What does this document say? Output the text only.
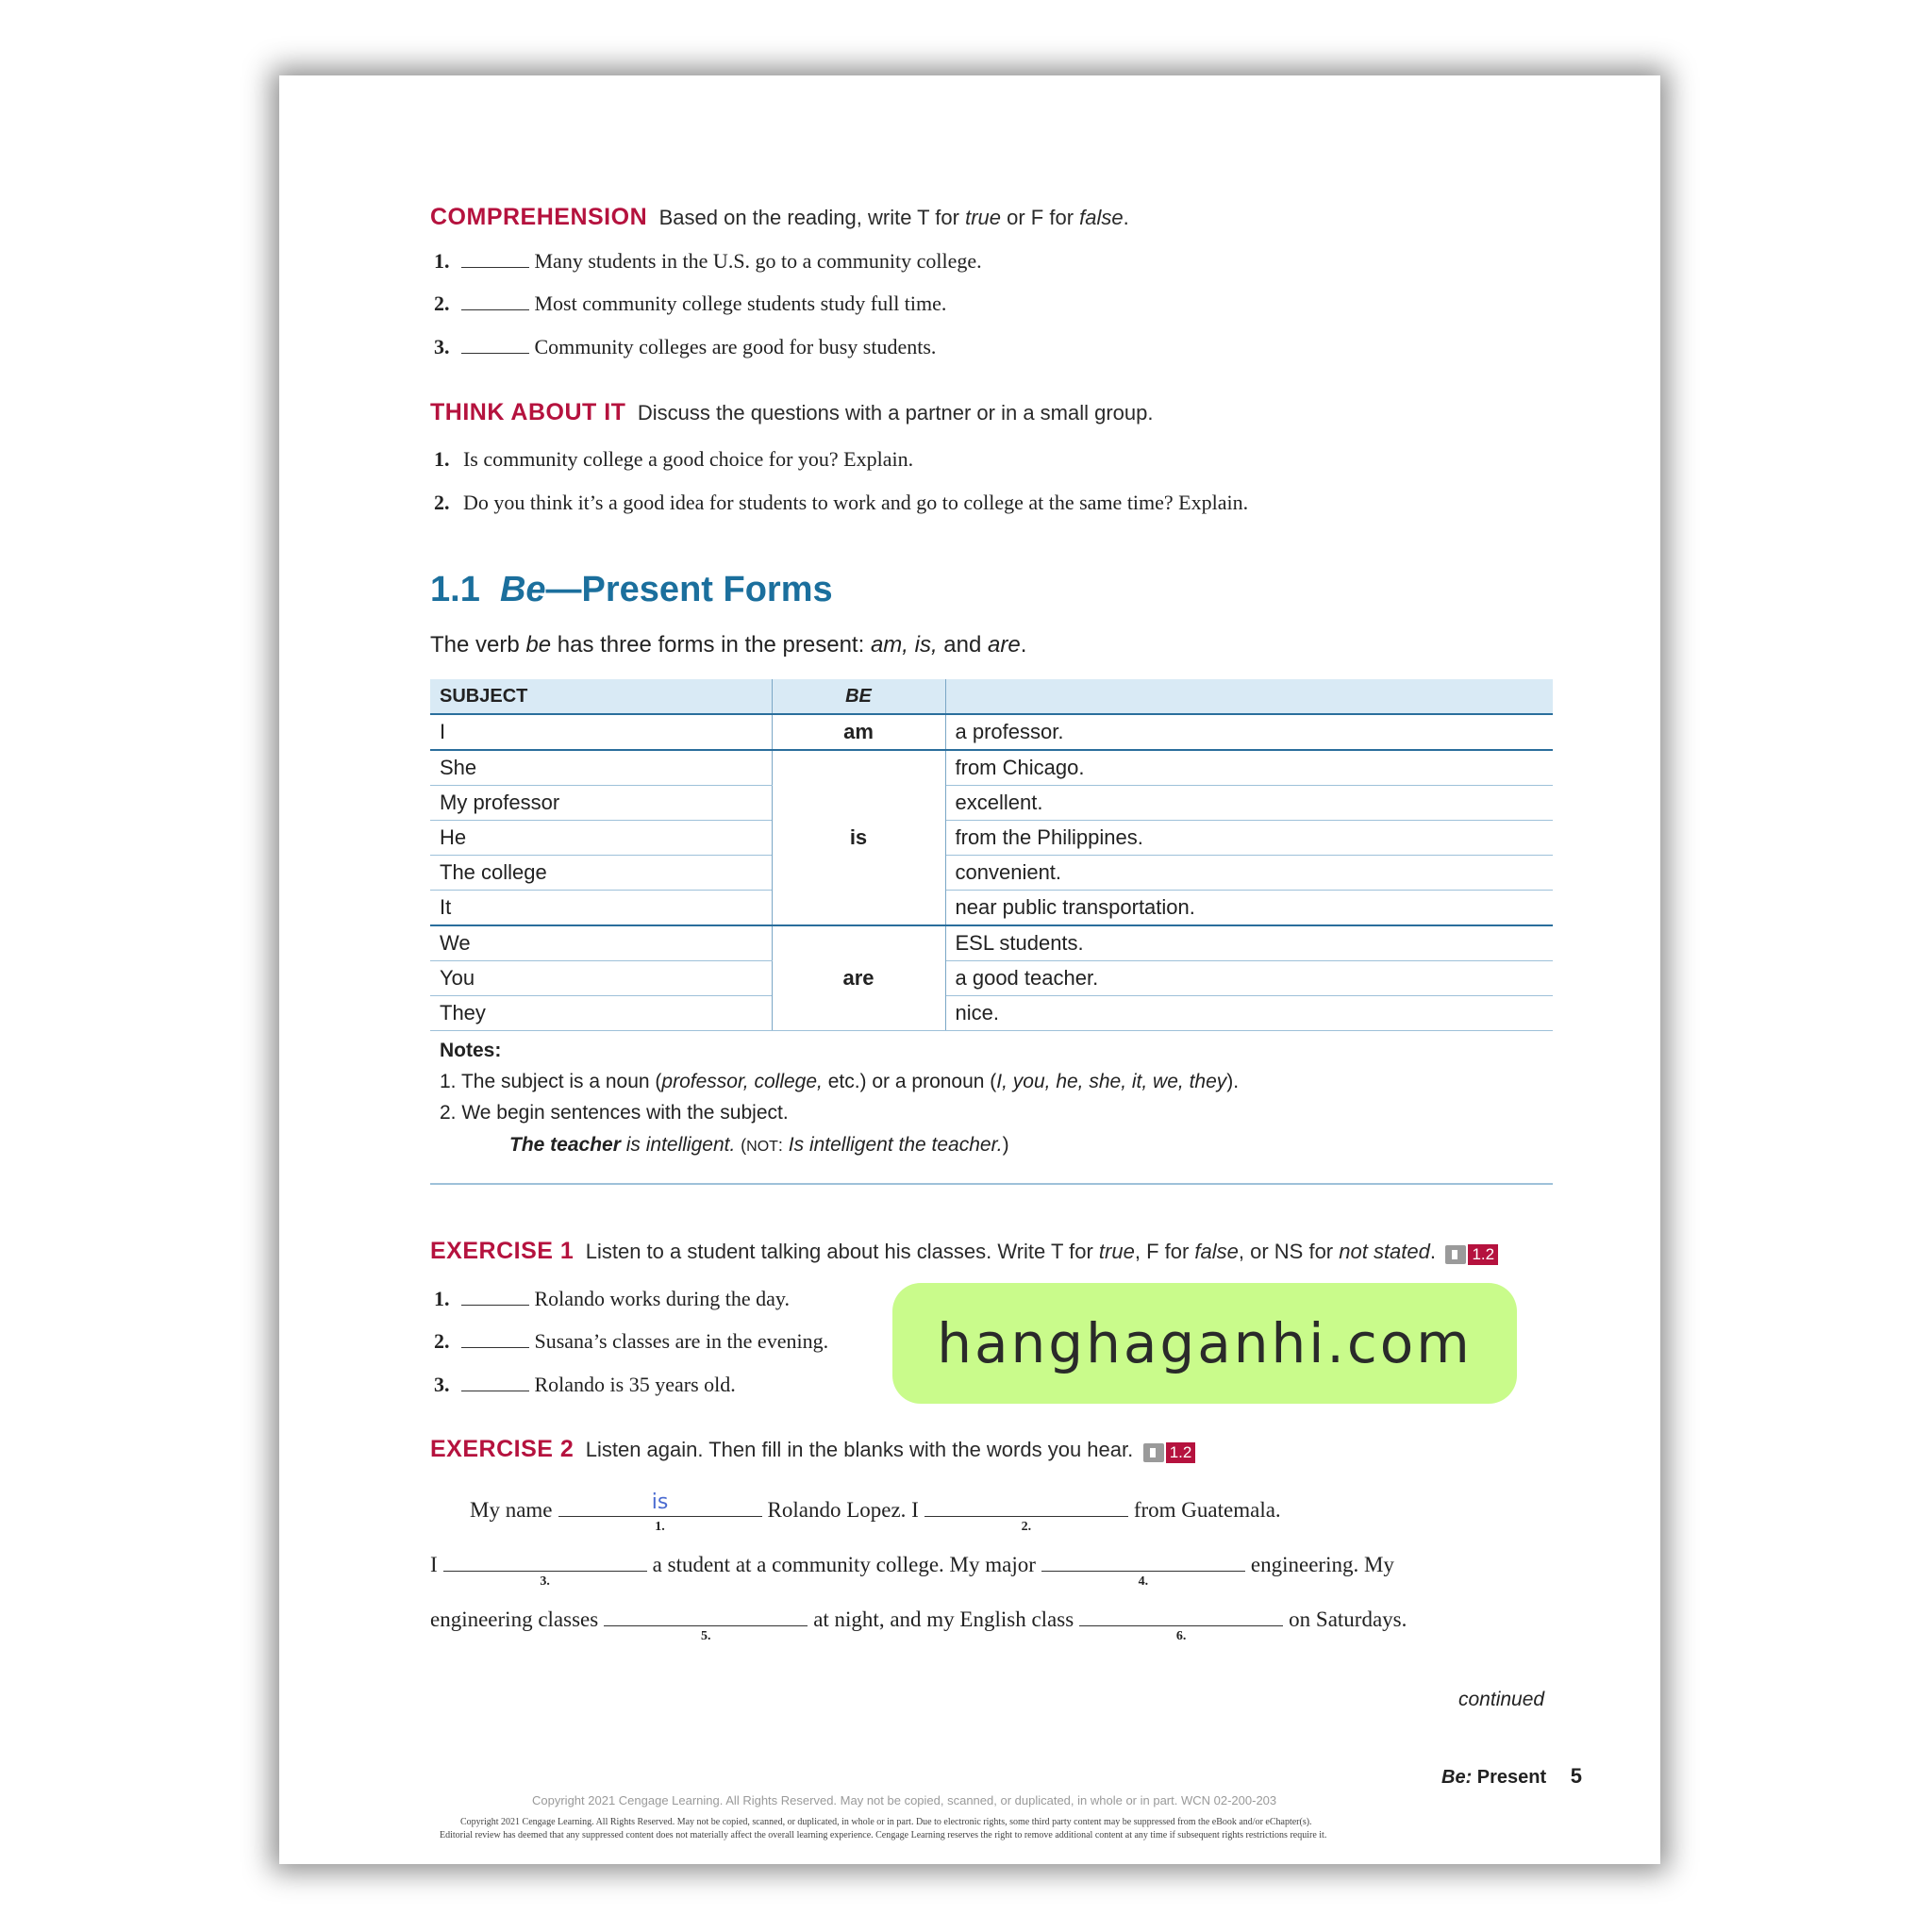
COMPREHENSION Based on the reading, write T for true or F for false.
1.	Many students in the U.S. go to a community college.
2.	Most community college students study full time.
3.	Community colleges are good for busy students.
THINK ABOUT IT Discuss the questions with a partner or in a small group.
1. Is community college a good choice for you? Explain.
2. Do you think it’s a good idea for students to work and go to college at the same time? Explain.
1.1 Be—Present Forms
The verb be has three forms in the present: am, is, and are.
SUBJECT	BE	
I	am	a professor.
She	is	from Chicago.
My professor		excellent.
He		from the Philippines.
The college		convenient.
It		near public transportation.
We	are	ESL students.
You		a good teacher.
They		nice.
Notes:
1. The subject is a noun (professor, college, etc.) or a pronoun (I, you, he, she, it, we, they).
2. We begin sentences with the subject.
The teacher is intelligent. (NOT: Is intelligent the teacher.)
EXERCISE 1 Listen to a student talking about his classes. Write T for true, F for false, or NS for not stated. 1.2
1.	Rolando works during the day.
2.	Susana’s classes are in the evening.
3.	Rolando is 35 years old.
EXERCISE 2 Listen again. Then fill in the blanks with the words you hear. 1.2
My name	is
1.
Rolando Lopez. I
2.
from Guatemala.
I
3.
a student at a community college. My major
4.
engineering. My
engineering classes
5.
at night, and my English class
6.
on Saturdays.
continued
Be: Present 5
Copyright 2021 Cengage Learning. All Rights Reserved. May not be copied, scanned, or duplicated, in whole or in part. WCN 02-200-203
Copyright 2021 Cengage Learning. All Rights Reserved. May not be copied, scanned, or duplicated, in whole or in part. Due to electronic rights, some third party content may be suppressed from the eBook and/or eChapter(s).
Editorial review has deemed that any suppressed content does not materially affect the overall learning experience. Cengage Learning reserves the right to remove additional content at any time if subsequent rights restrictions require it.
hanghaganhi.com
